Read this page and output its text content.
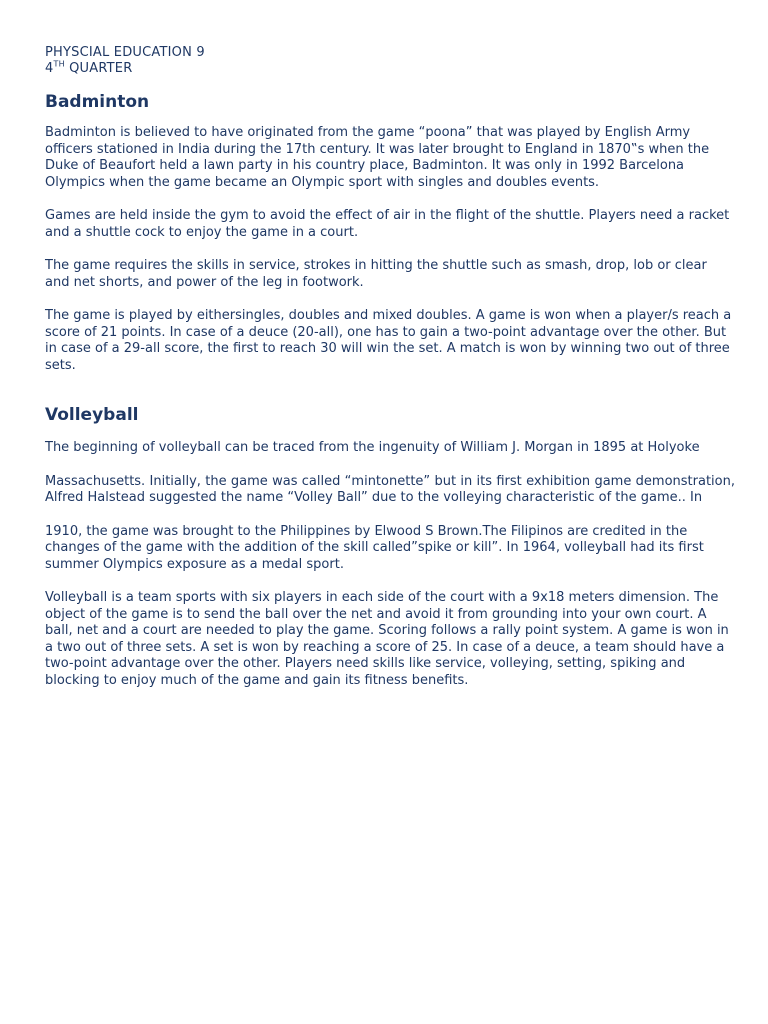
PHYSCIAL EDUCATION 9
4TH QUARTER
Badminton

Badminton is believed to have originated from the game “poona” that was played by English Army officers stationed in India during the 17th century. It was later brought to England in 1870‟s when the Duke of Beaufort held a lawn party in his country place, Badminton. It was only in 1992 Barcelona Olympics when the game became an Olympic sport with singles and doubles events.

Games are held inside the gym to avoid the effect of air in the flight of the shuttle. Players need a racket and a shuttle cock to enjoy the game in a court.

The game requires the skills in service, strokes in hitting the shuttle such as smash, drop, lob or clear and net shorts, and power of the leg in footwork.

The game is played by eithersingles, doubles and mixed doubles. A game is won when a player/s reach a score of 21 points. In case of a deuce (20-all), one has to gain a two-point advantage over the other. But in case of a 29-all score, the first to reach 30 will win the set. A match is won by winning two out of three sets.

Volleyball

The beginning of volleyball can be traced from the ingenuity of William J. Morgan in 1895 at Holyoke

Massachusetts. Initially, the game was called “mintonette” but in its first exhibition game demonstration, Alfred Halstead suggested the name “Volley Ball” due to the volleying characteristic of the game.. In

1910, the game was brought to the Philippines by Elwood S Brown.The Filipinos are credited in the changes of the game with the addition of the skill called”spike or kill”. In 1964, volleyball had its first summer Olympics exposure as a medal sport.

Volleyball is a team sports with six players in each side of the court with a 9x18 meters dimension. The object of the game is to send the ball over the net and avoid it from grounding into your own court. A ball, net and a court are needed to play the game. Scoring follows a rally point system. A game is won in a two out of three sets. A set is won by reaching a score of 25. In case of a deuce, a team should have a two-point advantage over the other. Players need skills like service, volleying, setting, spiking and blocking to enjoy much of the game and gain its fitness benefits.
